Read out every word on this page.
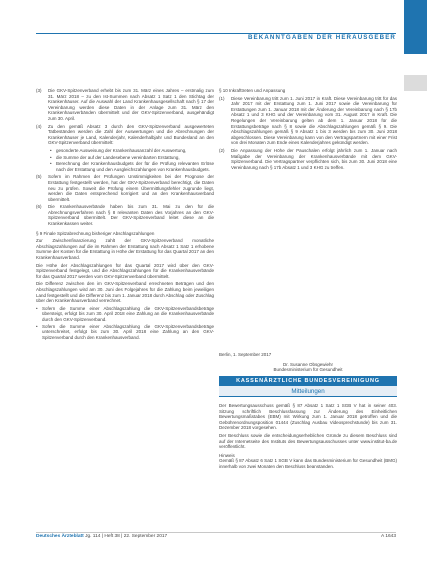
BEKANNTGABEN DER HERAUSGEBER
(3)	Die GKV-Spitzenverband erhebt bis zum 31. März eines Jahres – erstmalig zum 31. März 2018 – zu den Ist-Summen nach Absatz 1 Satz 1 den Stichtag der Krankenhäuser. Auf die Auswahl der Land Krankenhausgesellschaft nach § 17 der Vereinbarung werden diese Daten in der Anlage zum 31. März den Krankenhausverbänden übermittelt und der GKV-Spitzenverband, ausgehändigt zum 30. April.
(4)	Zu den gemäß Absatz 3 durch den GKV-Spitzenverband ausgewerteten Tatbeständen werden die Zahl der Auswertungen und die Abrechnungen der Krankenhäuser je Land, Kalenderjahr, Kalenderhalbjahr und Bundesland an den GKV-Spitzenverband übermittelt:
• gesonderte Ausweisung der Krankenhausanzahl der Auswertung,
• die Summe der auf der Landesebene vereinbarten Erstattung,
• Berechnung der Krankenhausbudgets der für die Prüfung relevanten Erlöse nach der Erstattung und den Ausgleichszahlungen von Krankenhausbudgets.
(5)	Sofern im Rahmen der Prüfungen Unstimmigkeiten bei der Prognose der Erstattung festgestellt werden, hat der GKV-Spitzenverband berechtigt, die Daten neu zu prüfen. Soweit die Prüfung einem Übermittlungsfehler zugrunde liegt, werden die Daten entsprechend korrigiert und an den Krankenhausverband übermittelt.
(6)	Die Krankenhausverbände haben bis zum 31. Mai zu den für die Abrechnungsverfahren nach § 8 relevanten Daten des Vorjahres an den GKV-Spitzenverband übermittelt. Der GKV-Spitzenverband leitet diese an die Krankenkassen weiter.
§ 9 Finale Spitzabrechnung bisheriger Abschlagszahlungen
Zur Zwischenfinanzierung zahlt der GKV-Spitzenverband monatliche Abschlagszahlungen auf die im Rahmen der Erstattung nach Absatz 1 Satz 1 erhobene Summe der Kosten für die Erstattung in Höhe der Erstattung für das Quartal 2017 an den Krankenhausverband.
Die Höhe der Abschlagszahlungen für das Quartal 2017 wird über den GKV-Spitzenverband festgelegt, und die Abschlagszahlungen für die Krankenhausverbände für das Quartal 2017 werden vom GKV-Spitzenverband übermittelt.
Die Differenz zwischen den im GKV-Spitzenverband errechneten Beträgen und den Abschlagszahlungen wird am 30. Juni des Folgejahres für die Zahlung beim jeweiligen Land festgestellt und die Differenz bis zum 1. Januar 2018 durch Abschlag oder Zuschlag über den Krankenhausverband verrechnet.
• Sofern die Summe einer Abschlagszahlung die GKV-Spitzenverbandsbeträge übersteigt, erfolgt bis zum 30. April 2018 eine Zahlung an die Krankenhausverbände durch den GKV-Spitzenverband.
• Sofern die Summe einer Abschlagszahlung die GKV-Spitzenverbandsbeträge unterschreitet, erfolgt bis zum 30. April 2018 eine Zahlung an den GKV-Spitzenverband durch den Krankenhausverband.
§ 10 Inkrafttreten und Anpassung
(1)	Diese Vereinbarung tritt zum 1. Juni 2017 in Kraft. Diese Vereinbarung tritt für das Jahr 2017 mit der Erstattung zum 1. Juni 2017 sowie die Vereinbarung für Erstattungen zum 1. Januar 2018 mit der Änderung der Vereinbarung nach § 17b Absatz 1 und 3 KHG und der Vereinbarung vom 31. August 2017 in Kraft. Die Regelungen der Vereinbarung gelten ab dem 1. Januar 2018 für die Erstattungsbeträge nach § 8 sowie die Abschlagszahlungen gemäß § 9. Die Abschlagszahlungen gemäß § 9 Absatz 1 bis 3 werden bis zum 30. Juni 2018 abgeschlossen. Diese Vereinbarung kann von den Vertragspartnern mit einer Frist von drei Monaten zum Ende eines Kalenderjahres gekündigt werden.
(2)	Die Anpassung der Höhe der Pauschalen erfolgt jährlich zum 1. Januar nach Maßgabe der Vereinbarung der Krankenhausverbände mit dem GKV-Spitzenverband. Die Vertragspartner verpflichten sich, bis zum 30. Juni 2018 eine Vereinbarung nach § 17b Absatz 1 und 3 KHG zu treffen.
Berlin, 1. September 2017
Dr. Susanne Obsgewiehr
Bundesministerium für Gesundheit
KASSENÄRZTLICHE BUNDESVEREINIGUNG
Mitteilungen
Der Bewertungsausschuss gemäß § 87 Absatz 1 Satz 1 SGB V hat in seiner 403. Sitzung schriftlich Beschlussfassung zur Änderung des Einheitlichen Bewertungsmaßstabes (EBM) mit Wirkung zum 1. Januar 2018 getroffen und die Gebührenordnungsposition 01444 (Zuschlag Ausbau Videosprechstunde) bis zum 31. Dezember 2018 vorgesehen.
Der Beschluss sowie die entscheidungserheblichen Gründe zu diesem Beschluss sind auf der Internetseite des Instituts des Bewertungsausschusses unter www.institut-ba.de veröffentlicht.
Hinweis
Gemäß § 87 Absatz 6 Satz 1 SGB V kann das Bundesministerium für Gesundheit (BMG) innerhalb von zwei Monaten den Beschluss beanstanden.
Deutsches Ärzteblatt Jg. 114 | Heft 38 | 22. September 2017	A 1643
